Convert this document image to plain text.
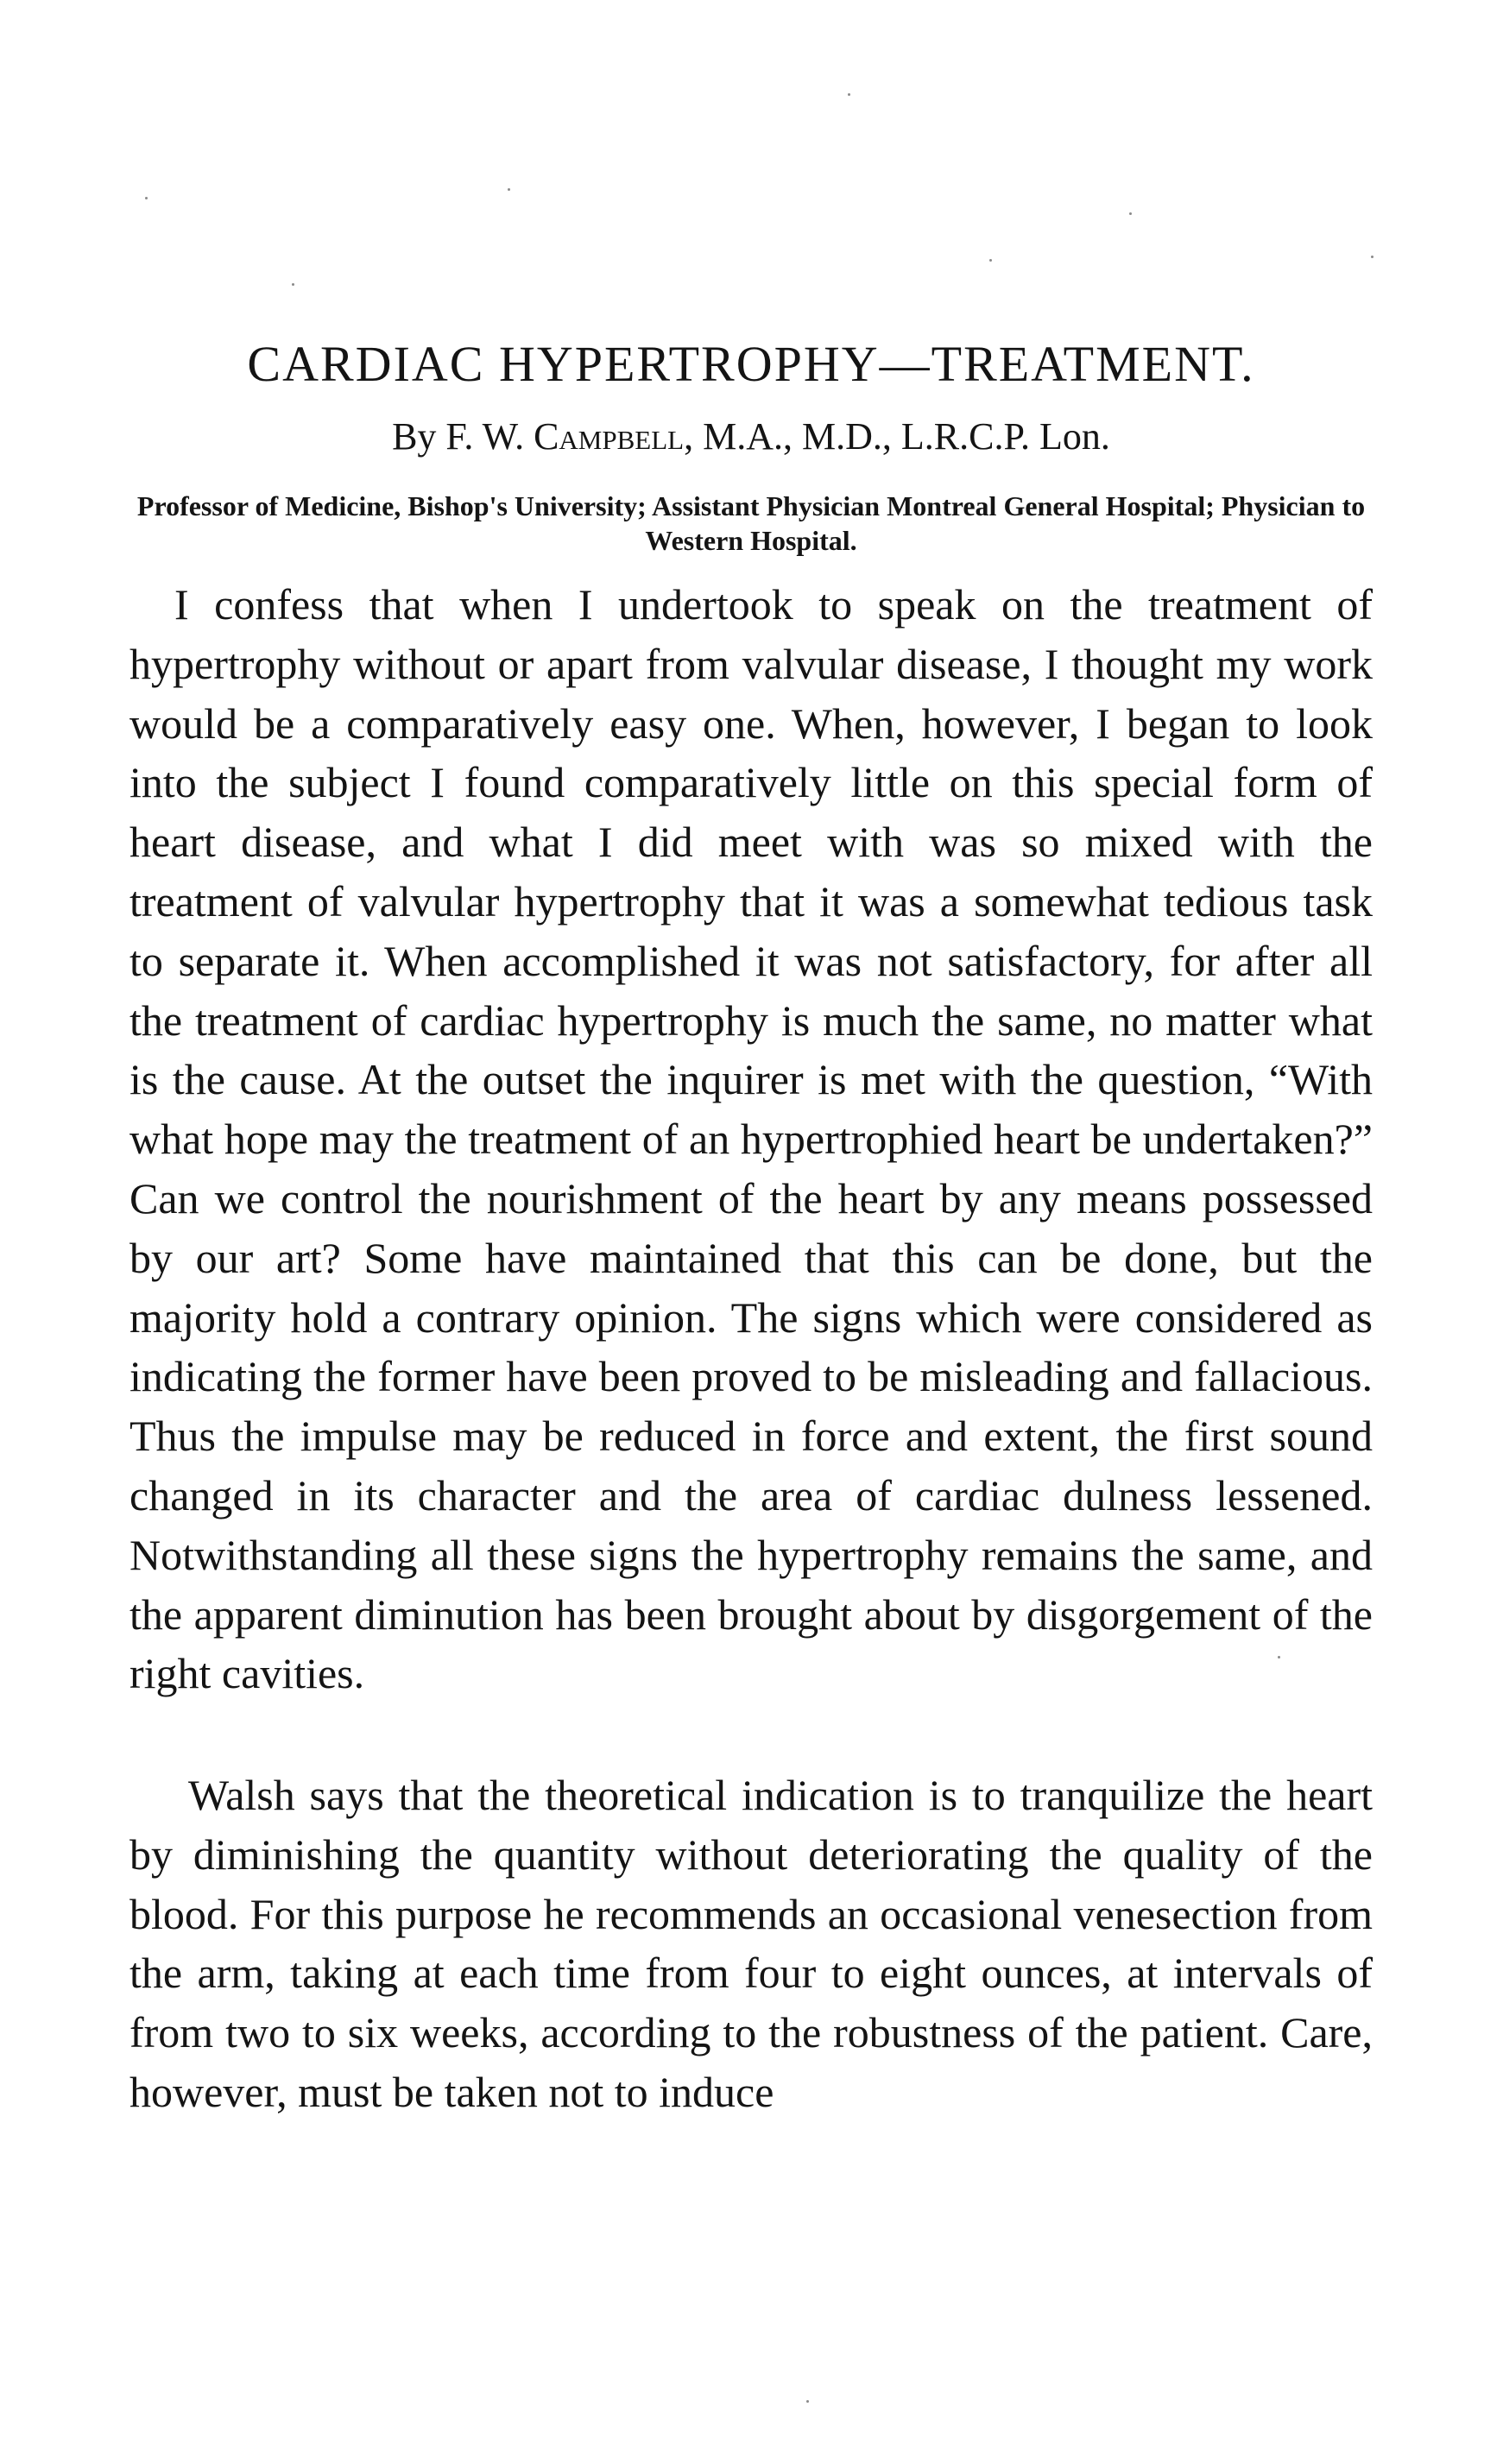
CARDIAC HYPERTROPHY—TREATMENT.

By F. W. Campbell, M.A., M.D., L.R.C.P. Lon.

Professor of Medicine, Bishop's University; Assistant Physician Montreal General Hospital; Physician to Western Hospital.

I confess that when I undertook to speak on the treatment of hypertrophy without or apart from valvular disease, I thought my work would be a comparatively easy one. When, however, I began to look into the subject I found comparatively little on this special form of heart disease, and what I did meet with was so mixed with the treatment of valvular hypertrophy that it was a somewhat tedious task to separate it. When accomplished it was not satisfactory, for after all the treatment of cardiac hypertrophy is much the same, no matter what is the cause. At the outset the inquirer is met with the question, “With what hope may the treatment of an hypertrophied heart be undertaken?” Can we control the nourishment of the heart by any means possessed by our art? Some have maintained that this can be done, but the majority hold a contrary opinion. The signs which were considered as indicating the former have been proved to be misleading and fallacious. Thus the impulse may be reduced in force and extent, the first sound changed in its character and the area of cardiac dulness lessened. Notwithstanding all these signs the hypertrophy remains the same, and the apparent diminution has been brought about by disgorgement of the right cavities.

Walsh says that the theoretical indication is to tranquilize the heart by diminishing the quantity without deteriorating the quality of the blood. For this purpose he recommends an occasional venesection from the arm, taking at each time from four to eight ounces, at intervals of from two to six weeks, according to the robustness of the patient. Care, however, must be taken not to induce
